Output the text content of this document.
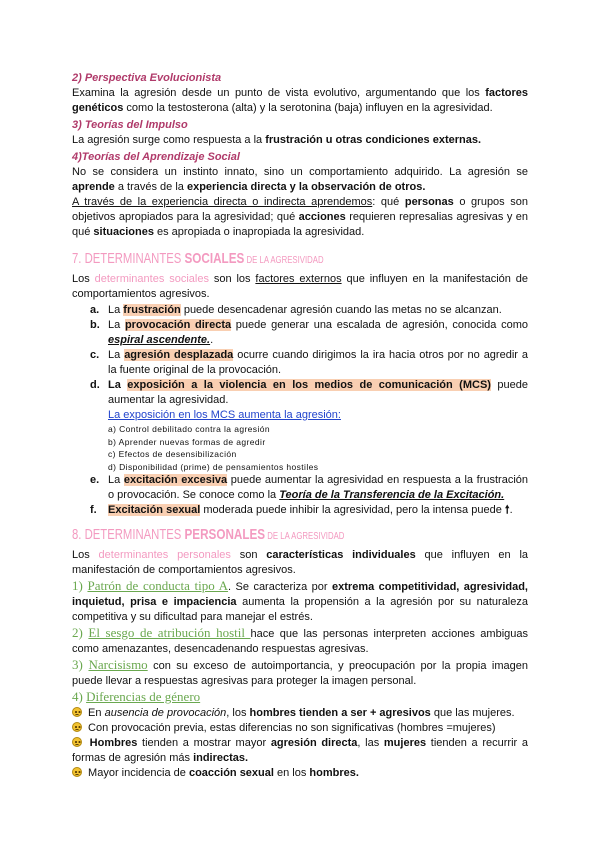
2) Perspectiva Evolucionista

Examina la agresión desde un punto de vista evolutivo, argumentando que los factores genéticos como la testosterona (alta) y la serotonina (baja) influyen en la agresividad.

3) Teorías del Impulso

La agresión surge como respuesta a la frustración u otras condiciones externas.

4)Teorías del Aprendizaje Social

No se considera un instinto innato, sino un comportamiento adquirido. La agresión se aprende a través de la experiencia directa y la observación de otros.

A través de la experiencia directa o indirecta aprendemos: qué personas o grupos son objetivos apropiados para la agresividad; qué acciones requieren represalias agresivas y en qué situaciones es apropiada o inapropiada la agresividad.

7. DETERMINANTES SOCIALES DE LA AGRESIVIDAD

Los determinantes sociales son los factores externos que influyen en la manifestación de comportamientos agresivos.

a. La frustración puede desencadenar agresión cuando las metas no se alcanzan.
b. La provocación directa puede generar una escalada de agresión, conocida como espiral ascendente..
c. La agresión desplazada ocurre cuando dirigimos la ira hacia otros por no agredir a la fuente original de la provocación.
d. La exposición a la violencia en los medios de comunicación (MCS) puede aumentar la agresividad.
La exposición en los MCS aumenta la agresión:
a) Control debilitado contra la agresión
b) Aprender nuevas formas de agredir
c) Efectos de desensibilización
d) Disponibilidad (prime) de pensamientos hostiles
e. La excitación excesiva puede aumentar la agresividad en respuesta a la frustración o provocación. Se conoce como la Teoría de la Transferencia de la Excitación.
f. Excitación sexual moderada puede inhibir la agresividad, pero la intensa puede 🠕.
8. DETERMINANTES PERSONALES DE LA AGRESIVIDAD

Los determinantes personales son características individuales que influyen en la manifestación de comportamientos agresivos.

1) Patrón de conducta tipo A. Se caracteriza por extrema competitividad, agresividad, inquietud, prisa e impaciencia aumenta la propensión a la agresión por su naturaleza competitiva y su dificultad para manejar el estrés.

2) El sesgo de atribución hostil hace que las personas interpreten acciones ambiguas como amenazantes, desencadenando respuestas agresivas.

3) Narcisismo con su exceso de autoimportancia, y preocupación por la propia imagen puede llevar a respuestas agresivas para proteger la imagen personal.

4) Diferencias de género

En ausencia de provocación, los hombres tienden a ser + agresivos que las mujeres.

Con provocación previa, estas diferencias no son significativas (hombres =mujeres)

Hombres tienden a mostrar mayor agresión directa, las mujeres tienden a recurrir a formas de agresión más indirectas.

Mayor incidencia de coacción sexual en los hombres.
